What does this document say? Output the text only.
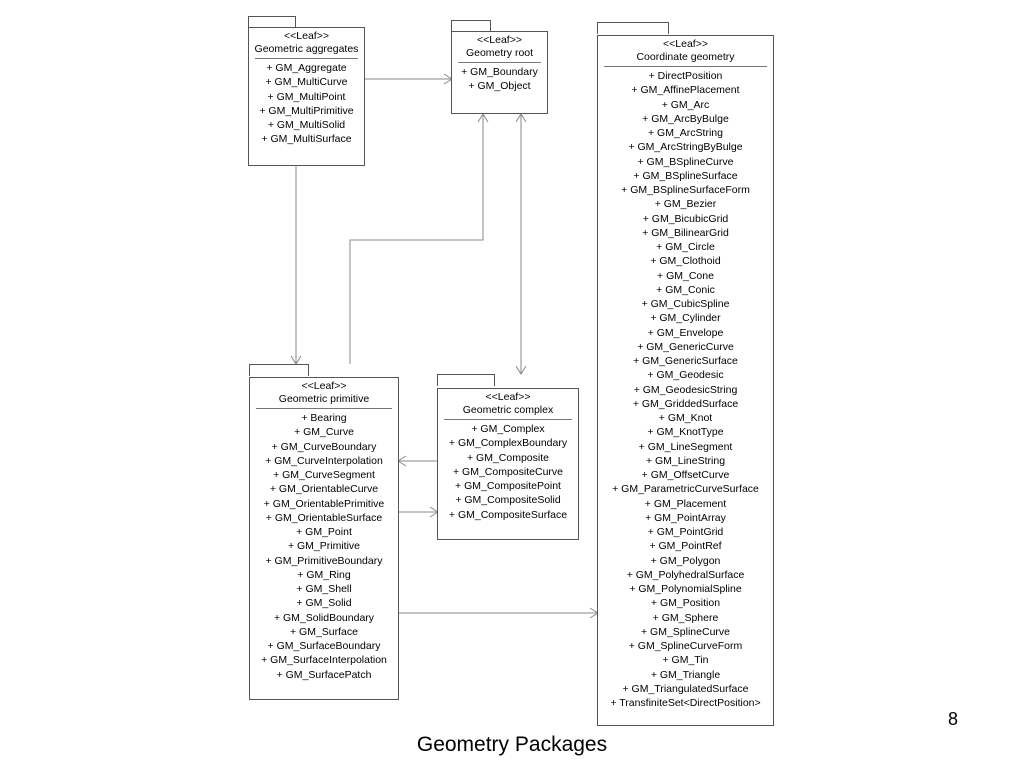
<<Leaf>>
Geometric aggregates
+ GM_Aggregate
+ GM_MultiCurve
+ GM_MultiPoint
+ GM_MultiPrimitive
+ GM_MultiSolid
+ GM_MultiSurface
<<Leaf>>
Geometry root
+ GM_Boundary
+ GM_Object
<<Leaf>>
Coordinate geometry
+ DirectPosition
+ GM_AffinePlacement
+ GM_Arc
+ GM_ArcByBulge
+ GM_ArcString
+ GM_ArcStringByBulge
+ GM_BSplineCurve
+ GM_BSplineSurface
+ GM_BSplineSurfaceForm
+ GM_Bezier
+ GM_BicubicGrid
+ GM_BilinearGrid
+ GM_Circle
+ GM_Clothoid
+ GM_Cone
+ GM_Conic
+ GM_CubicSpline
+ GM_Cylinder
+ GM_Envelope
+ GM_GenericCurve
+ GM_GenericSurface
+ GM_Geodesic
+ GM_GeodesicString
+ GM_GriddedSurface
+ GM_Knot
+ GM_KnotType
+ GM_LineSegment
+ GM_LineString
+ GM_OffsetCurve
+ GM_ParametricCurveSurface
+ GM_Placement
+ GM_PointArray
+ GM_PointGrid
+ GM_PointRef
+ GM_Polygon
+ GM_PolyhedralSurface
+ GM_PolynomialSpline
+ GM_Position
+ GM_Sphere
+ GM_SplineCurve
+ GM_SplineCurveForm
+ GM_Tin
+ GM_Triangle
+ GM_TriangulatedSurface
+ TransfiniteSet<DirectPosition>
<<Leaf>>
Geometric primitive
+ Bearing
+ GM_Curve
+ GM_CurveBoundary
+ GM_CurveInterpolation
+ GM_CurveSegment
+ GM_OrientableCurve
+ GM_OrientablePrimitive
+ GM_OrientableSurface
+ GM_Point
+ GM_Primitive
+ GM_PrimitiveBoundary
+ GM_Ring
+ GM_Shell
+ GM_Solid
+ GM_SolidBoundary
+ GM_Surface
+ GM_SurfaceBoundary
+ GM_SurfaceInterpolation
+ GM_SurfacePatch
<<Leaf>>
Geometric complex
+ GM_Complex
+ GM_ComplexBoundary
+ GM_Composite
+ GM_CompositeCurve
+ GM_CompositePoint
+ GM_CompositeSolid
+ GM_CompositeSurface
8
Geometry Packages
